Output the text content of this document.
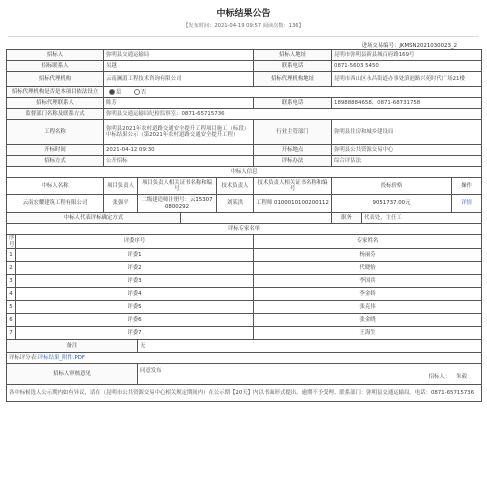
中标结果公告
【发布时间：2021-04-19 09:57 阅读次数：136】
进场交易编号：JKMSN2021030023_2
招标人		弥明县交通运输局				招标人地址	昆明市弥明县新县城百府路169号		
招标联系人		吴越				联系电话	0871-5603 5450		
招标代理机构		云南澜湄工程技术咨询有限公司				招标代理机构地址	昆明市西山区永昌街道办事处滇池路兴苑时代广场21楼		
招标代理机构是否是本项目依法设立		是 否							
招标代理联系人		陈芳				联系电话	18988884658、0871-68731758		
监督部门名称及联系方式		弥明县交通运输局纪检监察室：0871-65715736							
工程名称		弥明县2021年农村道路交通安全提升工程项目施工（标段）中标结果公示（第2021年农村道路交通安全提升工程）				行业主管部门	弥明县住房和城乡建设局		
开标时间		2021-04-12 09:30				开标地点	弥明县公共资源交易中心		
招标方式		公开招标				评标办法	综合评估法		
中标人信息									
中标人名称		项目负责人	项目负责人相关证书名称和编号		技术负责人	技术负责人相关证书名称和编号	投标价格		操作
云南宏耀建筑工程有限公司		张强平	二级建造师注册号：云153070800292		刘某洪	工程师 0100010100200112	9051737.00元		详情
中标人代表评标确定方式							职务	代表处、主任工	
评标专家名单									
序号	评委序号					专家姓名			
1	评委1					杨丽芬			
2	评委2					代晓怡			
3	评委3					李国宾			
4	评委4					李金娇			
5	评委5					张克伟			
6	评委6					张金晓			
7	评委7					王海生			
备注			无						
评标评分表:评标结果_附件.PDF									
招标人审核意见			同意发布
招标人： 朱毅						

各中标候选人公示期内如有异议，请在（昆明市公共资源交易中心相关规定期间内）在公示期【20天】内以书面形式提出，逾期不予受理。联系部门：弥明县交通运输局。电话：0871-65715736									
